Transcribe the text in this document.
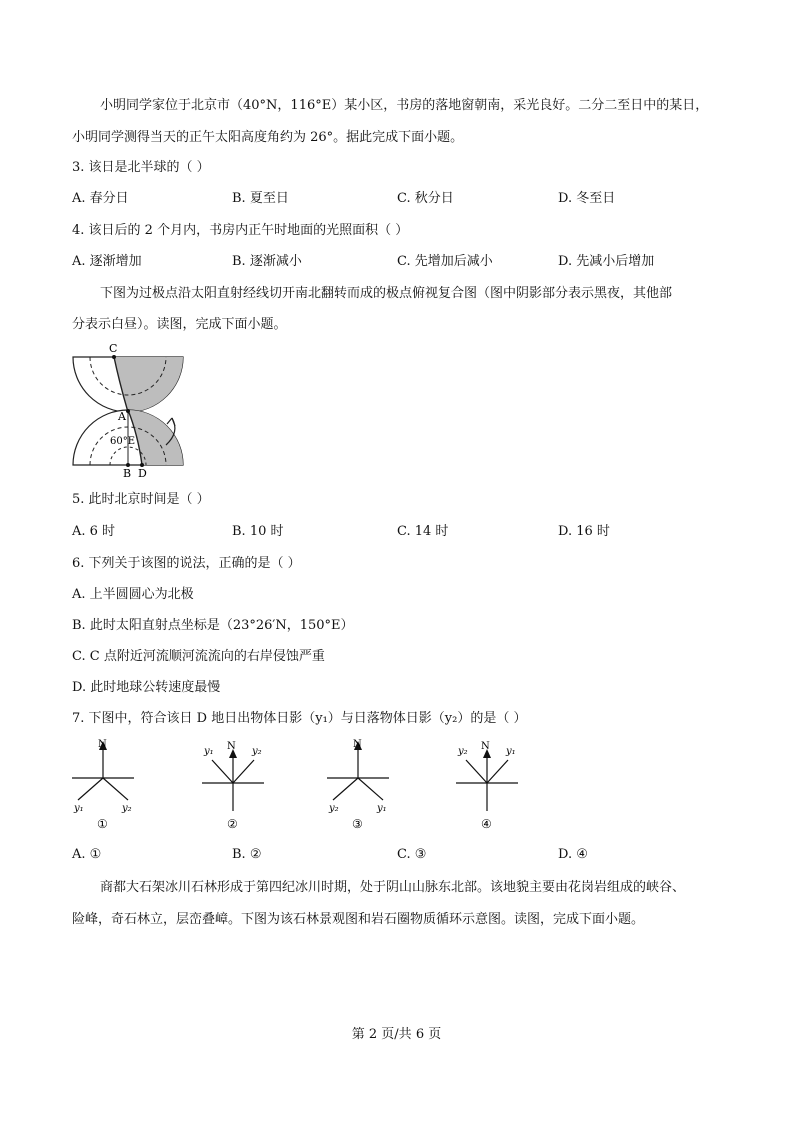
小明同学家位于北京市（40°N，116°E）某小区，书房的落地窗朝南，采光良好。二分二至日中的某日，
小明同学测得当天的正午太阳高度角约为 26°。据此完成下面小题。
3. 该日是北半球的（ ）
A. 春分日	B. 夏至日	C. 秋分日	D. 冬至日
4. 该日后的 2 个月内，书房内正午时地面的光照面积（ ）
A. 逐渐增加	B. 逐渐减小	C. 先增加后减小	D. 先减小后增加
下图为过极点沿太阳直射经线切开南北翻转而成的极点俯视复合图（图中阴影部分表示黑夜，其他部
分表示白昼）。读图，完成下面小题。
C
A
60°E
B D
5. 此时北京时间是（ ）
A. 6 时	B. 10 时	C. 14 时	D. 16 时
6. 下列关于该图的说法，正确的是（ ）
A. 上半圆圆心为北极
B. 此时太阳直射点坐标是（23°26′N，150°E）
C. C 点附近河流顺河流流向的右岸侵蚀严重
D. 此时地球公转速度最慢
7. 下图中，符合该日 D 地日出物体日影（y₁）与日落物体日影（y₂）的是（ ）
N
y₁	y₂
①
N
y₁	y₂
②
N
y₂	y₁
③
N
y₂	y₁
④
A. ①	B. ②	C. ③	D. ④
商都大石架冰川石林形成于第四纪冰川时期，处于阴山山脉东北部。该地貌主要由花岗岩组成的峡谷、
险峰，奇石林立，层峦叠嶂。下图为该石林景观图和岩石圈物质循环示意图。读图，完成下面小题。
第 2 页/共 6 页
